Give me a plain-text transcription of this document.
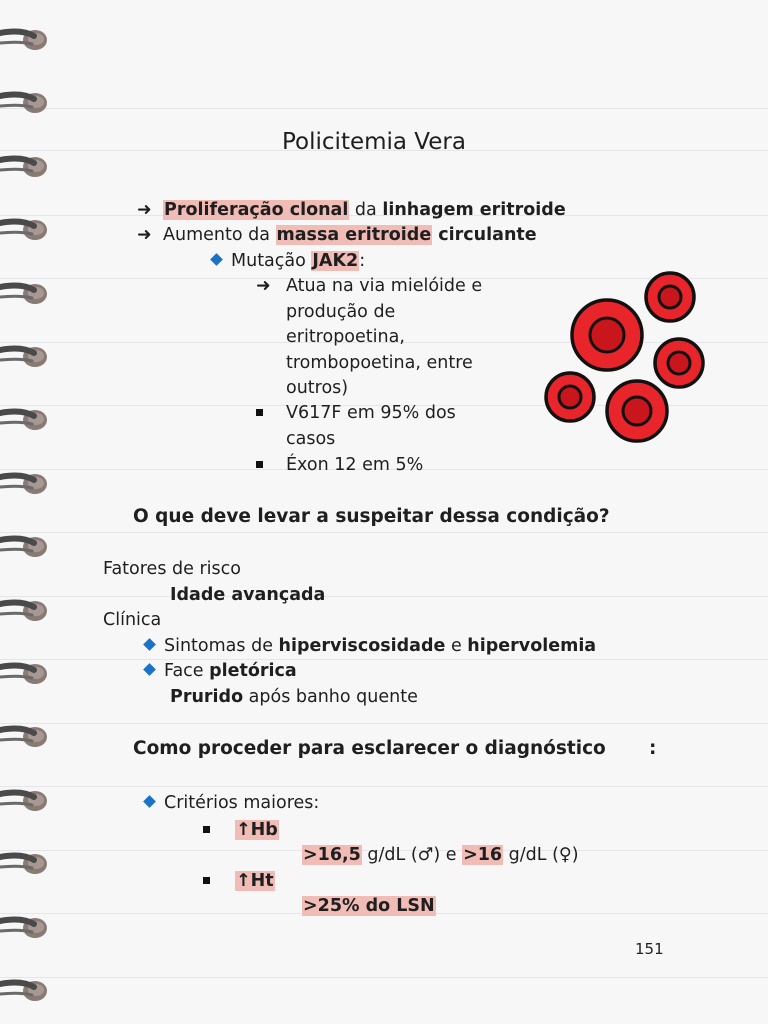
Policitemia Vera
➜ Proliferação clonal da linhagem eritroide
➜ Aumento da massa eritroide circulante
Mutação JAK2:
➜ Atua na via mielóide e
produção de
eritropoetina,
trombopoetina, entre
outros)
V617F em 95% dos
casos
Éxon 12 em 5%
O que deve levar a suspeitar dessa condição?
Fatores de risco
Idade avançada
Clínica
Sintomas de hiperviscosidade e hipervolemia
Face pletórica
Prurido após banho quente
Como proceder para esclarecer o diagnóstico :
Critérios maiores:
↑Hb
>16,5 g/dL (♂) e >16 g/dL (♀)
↑Ht
>25% do LSN
151
